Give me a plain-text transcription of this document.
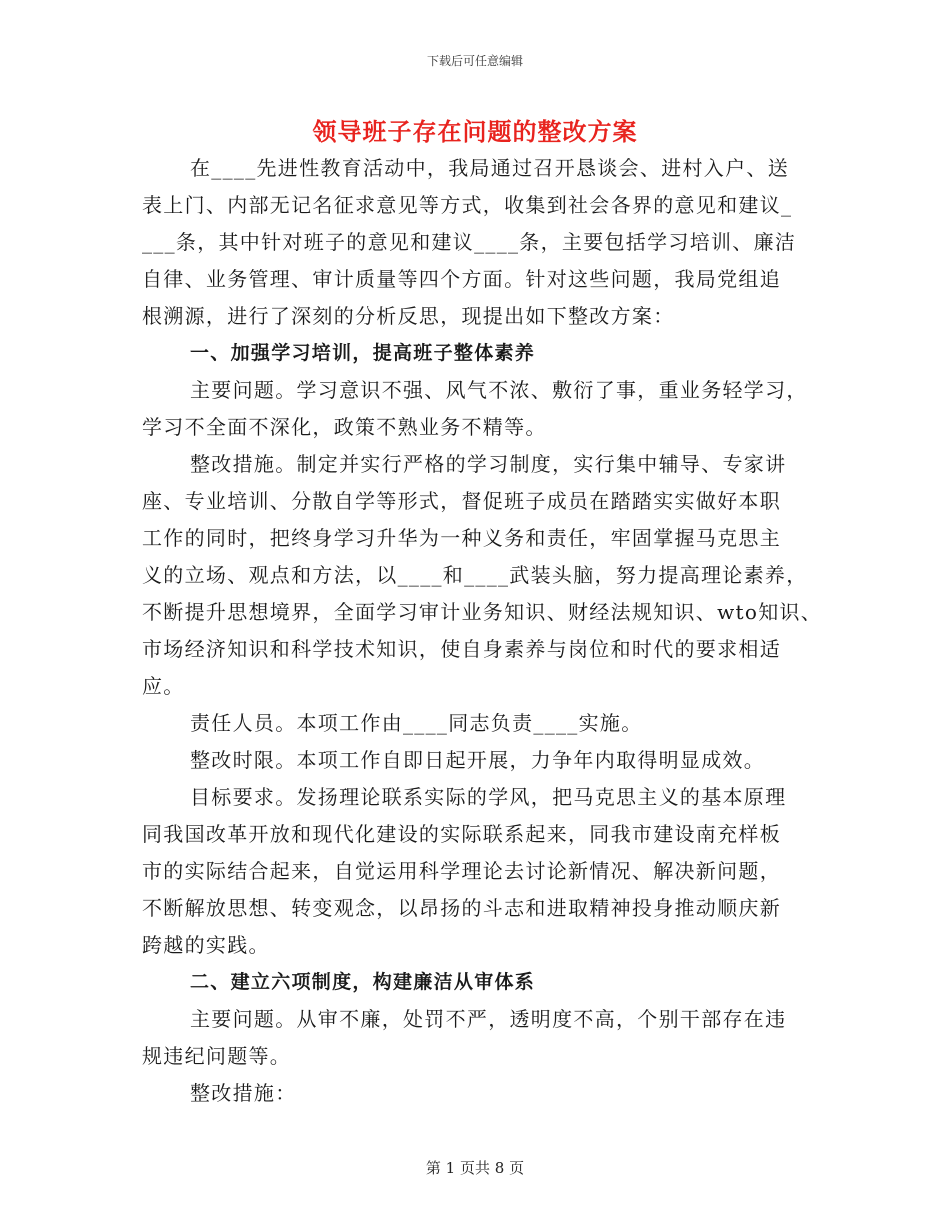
下载后可任意编辑
领导班子存在问题的整改方案
在____先进性教育活动中，我局通过召开恳谈会、进村入户、送
表上门、内部无记名征求意见等方式，收集到社会各界的意见和建议_
___条，其中针对班子的意见和建议____条，主要包括学习培训、廉洁
自律、业务管理、审计质量等四个方面。针对这些问题，我局党组追
根溯源，进行了深刻的分析反思，现提出如下整改方案：
一、加强学习培训，提高班子整体素养
主要问题。学习意识不强、风气不浓、敷衍了事，重业务轻学习，
学习不全面不深化，政策不熟业务不精等。
整改措施。制定并实行严格的学习制度，实行集中辅导、专家讲
座、专业培训、分散自学等形式，督促班子成员在踏踏实实做好本职
工作的同时，把终身学习升华为一种义务和责任，牢固掌握马克思主
义的立场、观点和方法，以____和____武装头脑，努力提高理论素养，
不断提升思想境界，全面学习审计业务知识、财经法规知识、wto知识、
市场经济知识和科学技术知识，使自身素养与岗位和时代的要求相适
应。
责任人员。本项工作由____同志负责____实施。
整改时限。本项工作自即日起开展，力争年内取得明显成效。
目标要求。发扬理论联系实际的学风，把马克思主义的基本原理
同我国改革开放和现代化建设的实际联系起来，同我市建设南充样板
市的实际结合起来，自觉运用科学理论去讨论新情况、解决新问题，
不断解放思想、转变观念，以昂扬的斗志和进取精神投身推动顺庆新
跨越的实践。
二、建立六项制度，构建廉洁从审体系
主要问题。从审不廉，处罚不严，透明度不高，个别干部存在违
规违纪问题等。
整改措施：
第 1 页共 8 页
